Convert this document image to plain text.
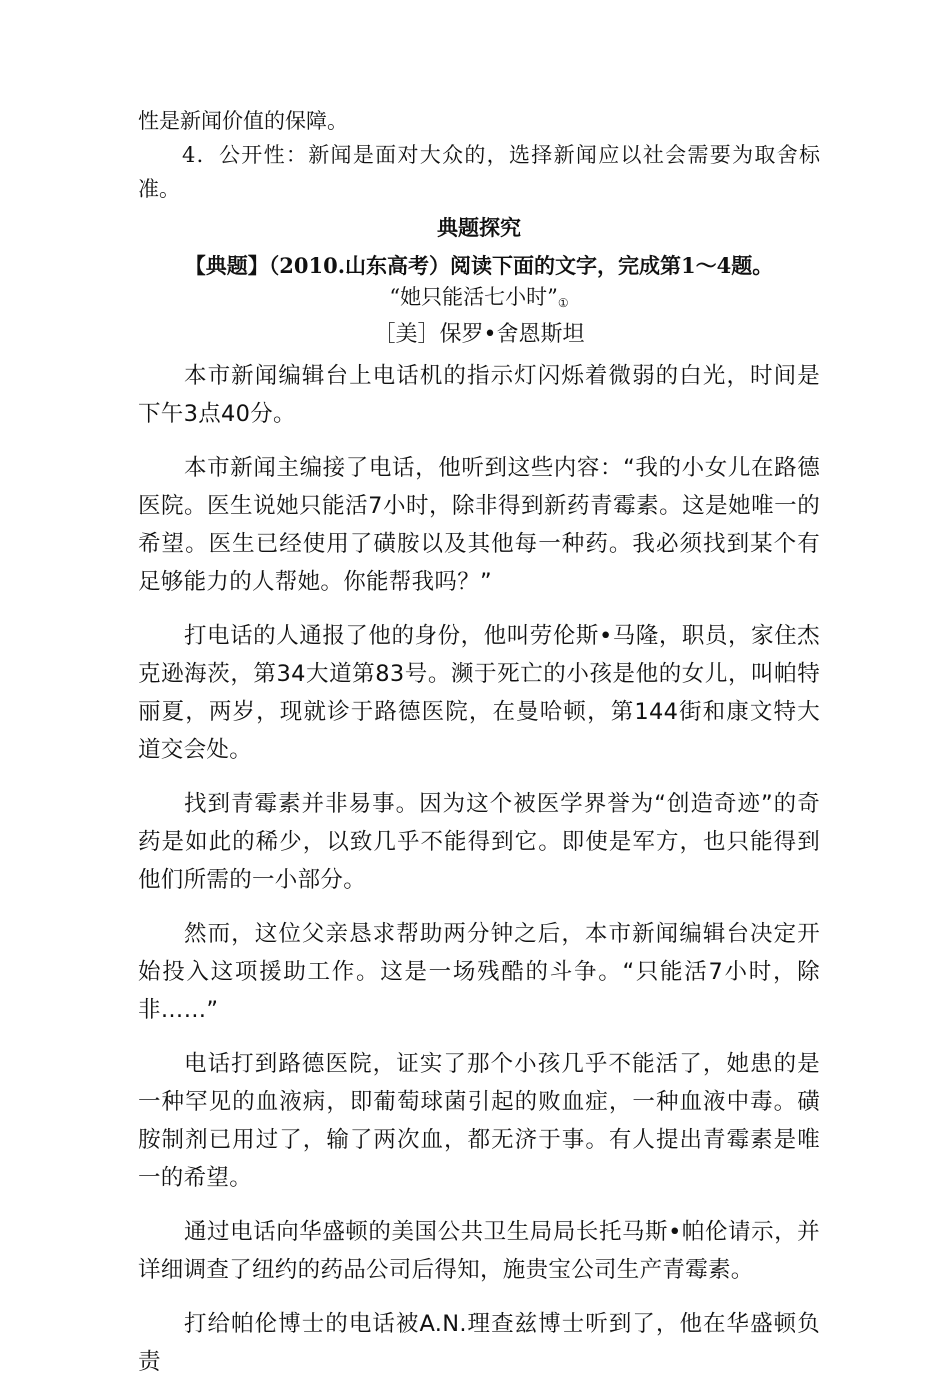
性是新闻价值的保障。

4．公开性：新闻是面对大众的，选择新闻应以社会需要为取舍标准。

典题探究

【典题】（2010.山东高考）阅读下面的文字，完成第1～4题。

“她只能活七小时”①

［美］保罗•舍恩斯坦

本市新闻编辑台上电话机的指示灯闪烁着微弱的白光，时间是下午3点40分。

本市新闻主编接了电话，他听到这些内容：“我的小女儿在路德医院。医生说她只能活7小时，除非得到新药青霉素。这是她唯一的希望。医生已经使用了磺胺以及其他每一种药。我必须找到某个有足够能力的人帮她。你能帮我吗？”

打电话的人通报了他的身份，他叫劳伦斯•马隆，职员，家住杰克逊海茨，第34大道第83号。濒于死亡的小孩是他的女儿，叫帕特丽夏，两岁，现就诊于路德医院，在曼哈顿，第144街和康文特大道交会处。

找到青霉素并非易事。因为这个被医学界誉为“创造奇迹”的奇药是如此的稀少，以致几乎不能得到它。即使是军方，也只能得到他们所需的一小部分。

然而，这位父亲恳求帮助两分钟之后，本市新闻编辑台决定开始投入这项援助工作。这是一场残酷的斗争。“只能活7小时，除非……”

电话打到路德医院，证实了那个小孩几乎不能活了，她患的是一种罕见的血液病，即葡萄球菌引起的败血症，一种血液中毒。磺胺制剂已用过了，输了两次血，都无济于事。有人提出青霉素是唯一的希望。

通过电话向华盛顿的美国公共卫生局局长托马斯•帕伦请示，并详细调查了纽约的药品公司后得知，施贵宝公司生产青霉素。

打给帕伦博士的电话被A.N.理查兹博士听到了，他在华盛顿负责
